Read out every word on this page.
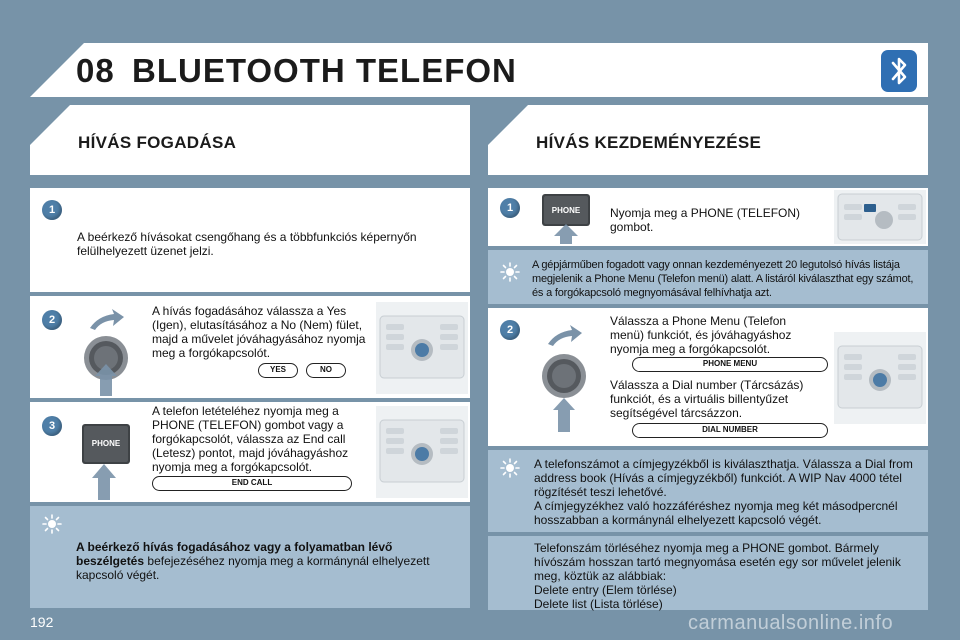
08 BLUETOOTH TELEFON
HÍVÁS FOGADÁSA	HÍVÁS KEZDEMÉNYEZÉSE
1
A beérkező hívásokat csengőhang és a többfunkciós képernyőn felülhelyezett üzenet jelzi.
2
A hívás fogadásához válassza a Yes (Igen), elutasításához a No (Nem) fület, majd a művelet jóváhagyásához nyomja meg a forgókapcsolót.
YES	NO
3
PHONE
A telefon letételéhez nyomja meg a PHONE (TELEFON) gombot vagy a forgókapcsolót, válassza az End call (Letesz) pontot, majd jóváhagyáshoz nyomja meg a forgókapcsolót.
END CALL
A beérkező hívás fogadásához vagy a folyamatban lévő beszélgetés befejezéséhez nyomja meg a kormánynál elhelyezett kapcsoló végét.
1	PHONE	Nyomja meg a PHONE (TELEFON) gombot.
A gépjárműben fogadott vagy onnan kezdeményezett 20 legutolsó hívás listája megjelenik a Phone Menu (Telefon menü) alatt. A listáról kiválaszthat egy számot, és a forgókapcsoló megnyomásával felhívhatja azt.
2
Válassza a Phone Menu (Telefon menü) funkciót, és jóváhagyáshoz nyomja meg a forgókapcsolót.
PHONE MENU
Válassza a Dial number (Tárcsázás) funkciót, és a virtuális billentyűzet segítségével tárcsázzon.
DIAL NUMBER
A telefonszámot a címjegyzékből is kiválaszthatja. Válassza a Dial from address book (Hívás a címjegyzékből) funkciót. A WIP Nav 4000 tétel rögzítését teszi lehetővé.
A címjegyzékhez való hozzáféréshez nyomja meg két másodpercnél hosszabban a kormánynál elhelyezett kapcsoló végét.
Telefonszám törléséhez nyomja meg a PHONE gombot. Bármely hívószám hosszan tartó megnyomása esetén egy sor művelet jelenik meg, köztük az alábbiak:
Delete entry (Elem törlése)
Delete list (Lista törlése)
192	carmanualsonline.info
